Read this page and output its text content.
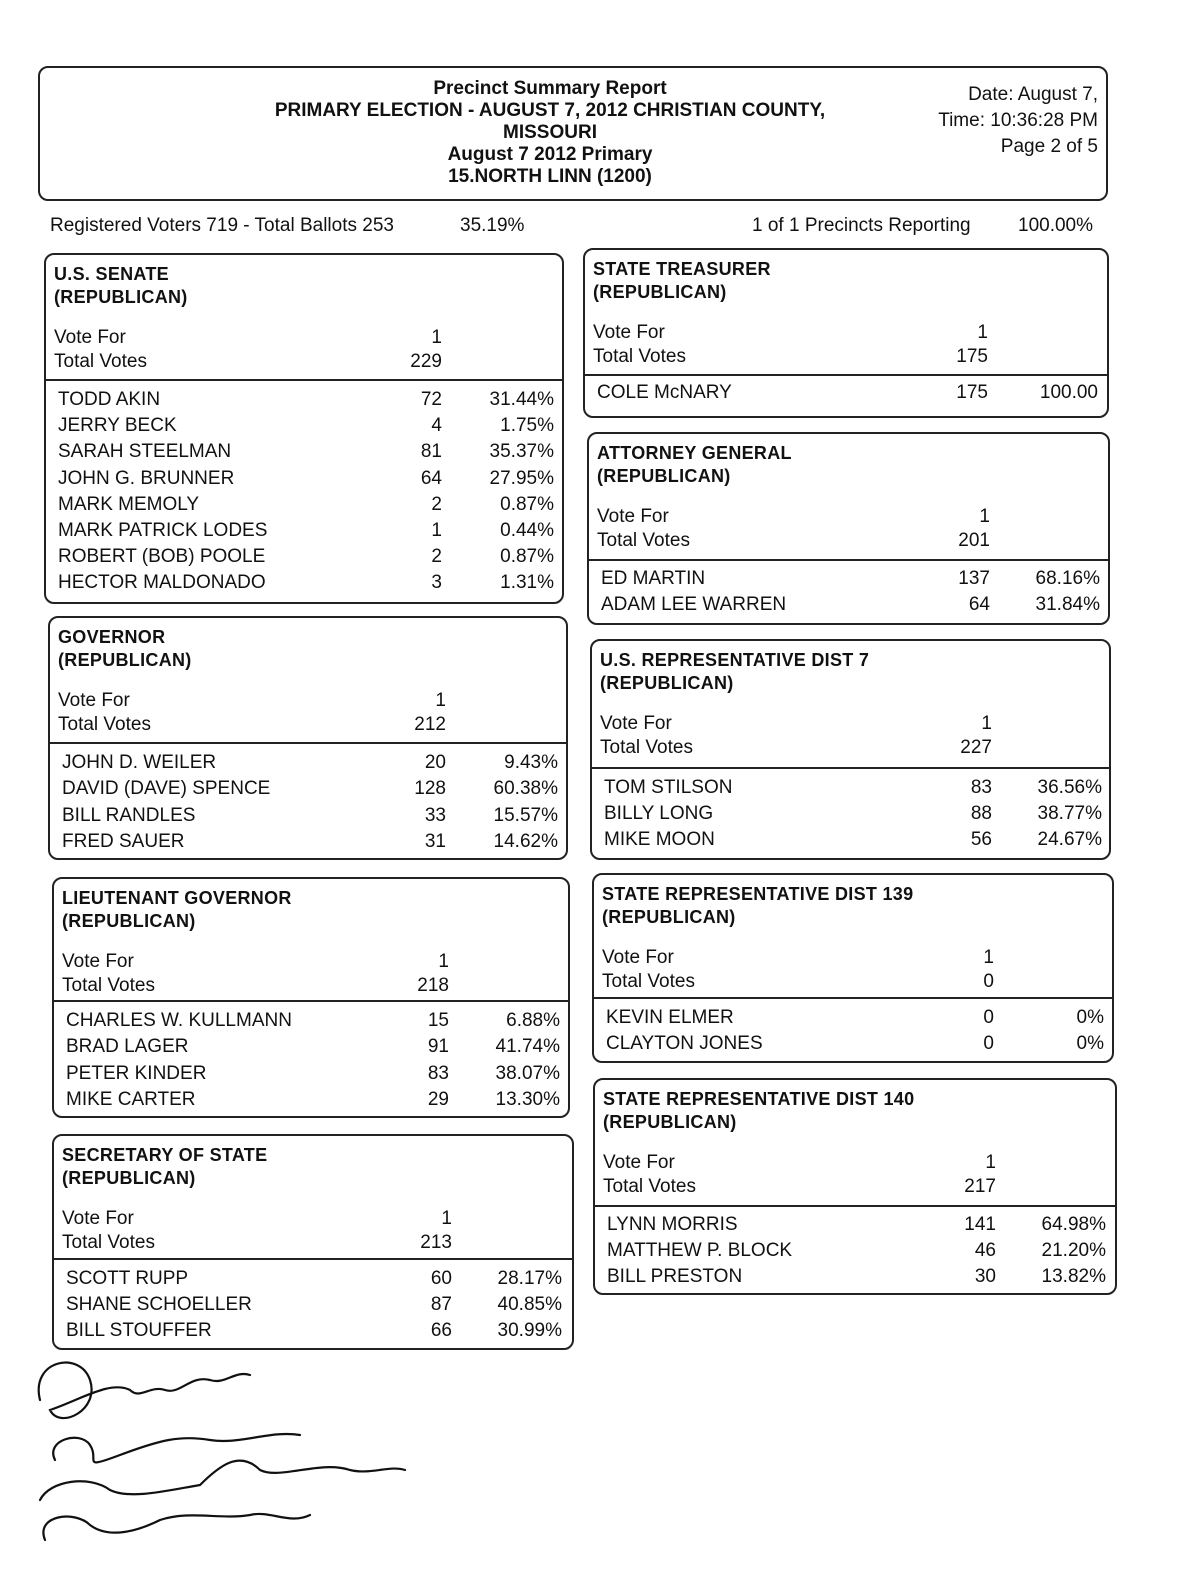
Precinct Summary Report
PRIMARY ELECTION - AUGUST 7, 2012 CHRISTIAN COUNTY,
MISSOURI
August 7 2012 Primary
15.NORTH LINN (1200)
Date: August 7,
Time: 10:36:28 PM
Page 2 of 5
Registered Voters 719 - Total Ballots 253	35.19%	1 of 1 Precincts Reporting 100.00%
U.S. SENATE
(REPUBLICAN)
Vote For	1
Total Votes	229
TODD AKIN	72	31.44%
JERRY BECK	4	1.75%
SARAH STEELMAN	81	35.37%
JOHN G. BRUNNER	64	27.95%
MARK MEMOLY	2	0.87%
MARK PATRICK LODES	1	0.44%
ROBERT (BOB) POOLE	2	0.87%
HECTOR MALDONADO	3	1.31%
GOVERNOR
(REPUBLICAN)
Vote For	1
Total Votes	212
JOHN D. WEILER	20	9.43%
DAVID (DAVE) SPENCE	128	60.38%
BILL RANDLES	33	15.57%
FRED SAUER	31	14.62%
LIEUTENANT GOVERNOR
(REPUBLICAN)
Vote For	1
Total Votes	218
CHARLES W. KULLMANN	15	6.88%
BRAD LAGER	91	41.74%
PETER KINDER	83	38.07%
MIKE CARTER	29	13.30%
SECRETARY OF STATE
(REPUBLICAN)
Vote For	1
Total Votes	213
SCOTT RUPP	60	28.17%
SHANE SCHOELLER	87	40.85%
BILL STOUFFER	66	30.99%
STATE TREASURER
(REPUBLICAN)
Vote For	1
Total Votes	175
COLE McNARY	175	100.00
ATTORNEY GENERAL
(REPUBLICAN)
Vote For	1
Total Votes	201
ED MARTIN	137	68.16%
ADAM LEE WARREN	64	31.84%
U.S. REPRESENTATIVE DIST 7
(REPUBLICAN)
Vote For	1
Total Votes	227
TOM STILSON	83	36.56%
BILLY LONG	88	38.77%
MIKE MOON	56	24.67%
STATE REPRESENTATIVE DIST 139
(REPUBLICAN)
Vote For	1
Total Votes	0
KEVIN ELMER	0	0%
CLAYTON JONES	0	0%
STATE REPRESENTATIVE DIST 140
(REPUBLICAN)
Vote For	1
Total Votes	217
LYNN MORRIS	141	64.98%
MATTHEW P. BLOCK	46	21.20%
BILL PRESTON	30	13.82%
